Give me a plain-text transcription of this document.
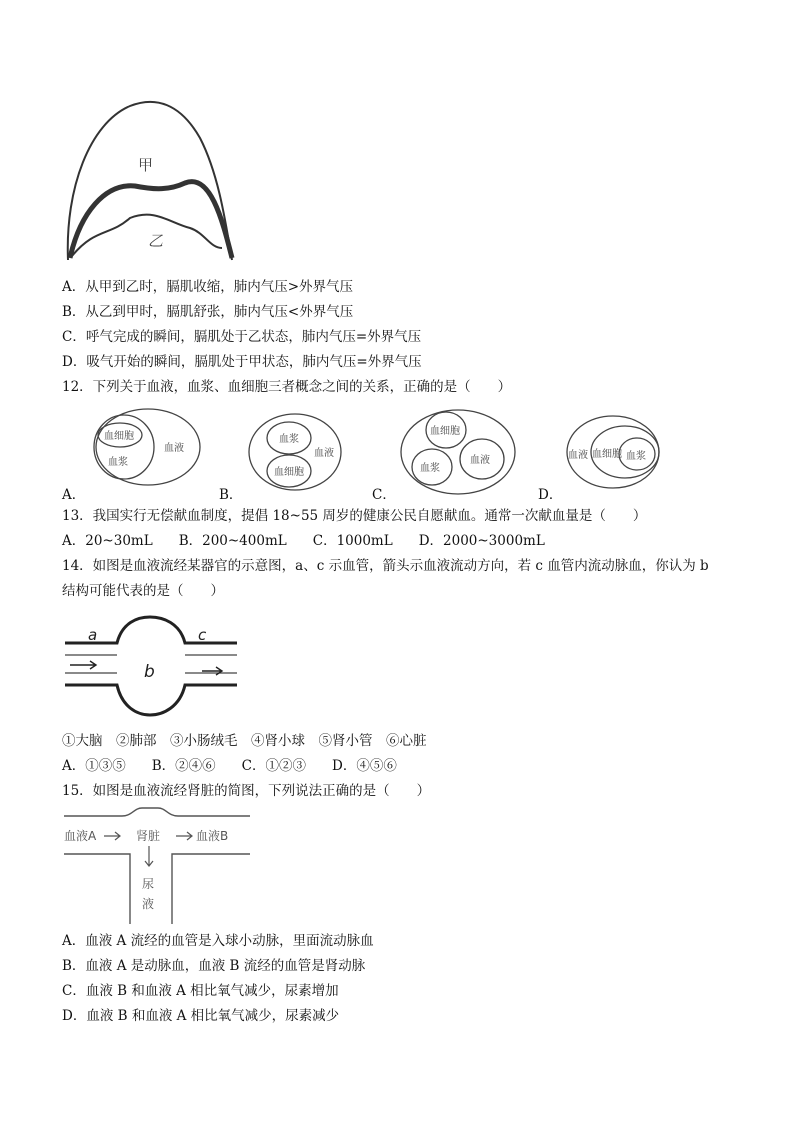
甲
乙
A．从甲到乙时，膈肌收缩，肺内气压>外界气压
B．从乙到甲时，膈肌舒张，肺内气压<外界气压
C．呼气完成的瞬间，膈肌处于乙状态，肺内气压=外界气压
D．吸气开始的瞬间，膈肌处于甲状态，肺内气压=外界气压
12．下列关于血液，血浆、血细胞三者概念之间的关系，正确的是（　　）
血细胞
血浆
血液
A．
血浆
血细胞
血液
B．
血细胞
血浆
血液
C．
血液 血细胞 血浆
D．
13．我国实行无偿献血制度，提倡 18~55 周岁的健康公民自愿献血。通常一次献血量是（　　）
A．20~30mL B．200~400mL C．1000mL D．2000~3000mL
14．如图是血液流经某器官的示意图，a、c 示血管，箭头示血液流动方向，若 c 血管内流动脉血，你认为 b
结构可能代表的是（　　）
a
b
c
①大脑　②肺部　③小肠绒毛　④肾小球　⑤肾小管　⑥心脏
A．①③⑤ B．②④⑥ C．①②③ D．④⑤⑥
15．如图是血液流经肾脏的简图，下列说法正确的是（　　）
血液A	肾脏	血液B
尿
液
A．血液 A 流经的血管是入球小动脉，里面流动脉血
B．血液 A 是动脉血，血液 B 流经的血管是肾动脉
C．血液 B 和血液 A 相比氧气减少，尿素增加
D．血液 B 和血液 A 相比氧气减少，尿素减少
